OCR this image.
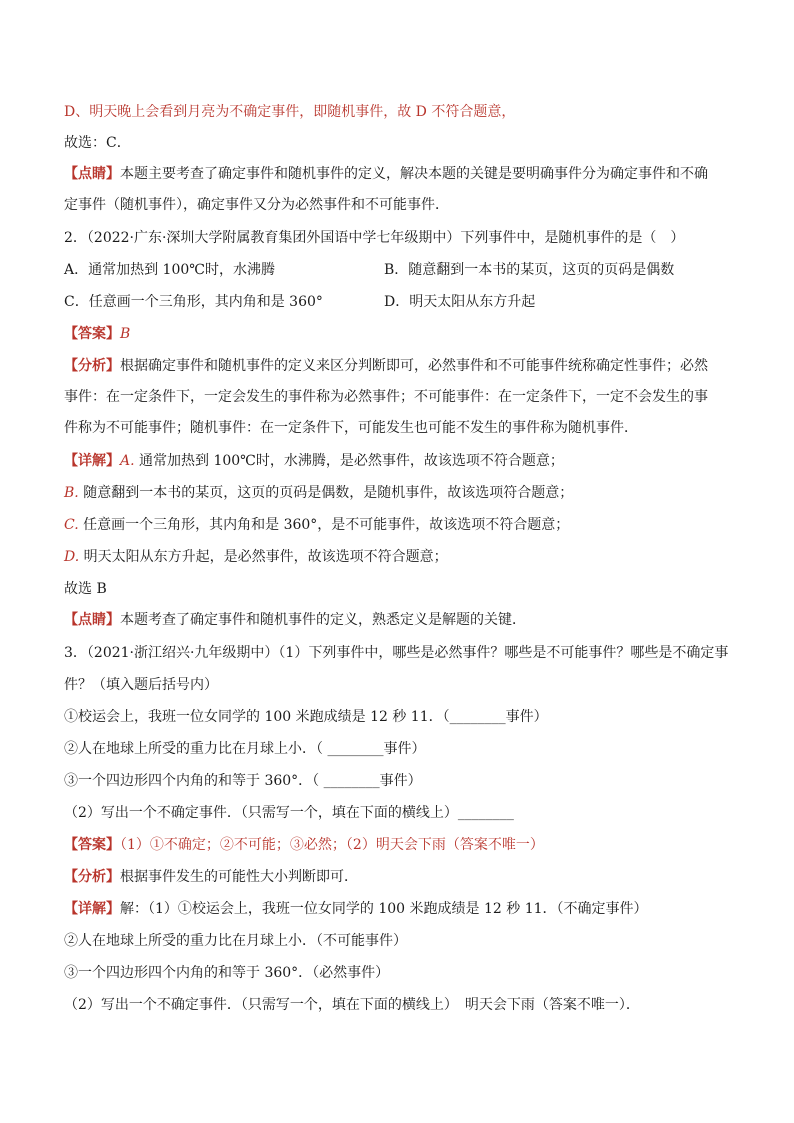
D、明天晚上会看到月亮为不确定事件，即随机事件，故 D 不符合题意，
故选：C．
【点睛】本题主要考查了确定事件和随机事件的定义，解决本题的关键是要明确事件分为确定事件和不确
定事件（随机事件），确定事件又分为必然事件和不可能事件．
2．（2022·广东·深圳大学附属教育集团外国语中学七年级期中）下列事件中，是随机事件的是（　）
A．通常加热到 100℃时，水沸腾	B．随意翻到一本书的某页，这页的页码是偶数
C．任意画一个三角形，其内角和是 360°	D．明天太阳从东方升起
【答案】B
【分析】根据确定事件和随机事件的定义来区分判断即可，必然事件和不可能事件统称确定性事件；必然
事件：在一定条件下，一定会发生的事件称为必然事件；不可能事件：在一定条件下，一定不会发生的事
件称为不可能事件；随机事件：在一定条件下，可能发生也可能不发生的事件称为随机事件．
【详解】A. 通常加热到 100℃时，水沸腾，是必然事件，故该选项不符合题意；
B. 随意翻到一本书的某页，这页的页码是偶数，是随机事件，故该选项符合题意；
C. 任意画一个三角形，其内角和是 360°，是不可能事件，故该选项不符合题意；
D. 明天太阳从东方升起，是必然事件，故该选项不符合题意；
故选 B
【点睛】本题考查了确定事件和随机事件的定义，熟悉定义是解题的关键．
3．（2021·浙江绍兴·九年级期中）（1）下列事件中，哪些是必然事件？哪些是不可能事件？哪些是不确定事
件？（填入题后括号内）
①校运会上，我班一位女同学的 100 米跑成绩是 12 秒 11．（________事件）
②人在地球上所受的重力比在月球上小．（ ________事件）
③一个四边形四个内角的和等于 360°．（ ________事件）
（2）写出一个不确定事件．（只需写一个，填在下面的横线上）________
【答案】（1）①不确定；②不可能；③必然；（2）明天会下雨（答案不唯一）
【分析】根据事件发生的可能性大小判断即可．
【详解】解：（1）①校运会上，我班一位女同学的 100 米跑成绩是 12 秒 11．（不确定事件）
②人在地球上所受的重力比在月球上小．（不可能事件）
③一个四边形四个内角的和等于 360°．（必然事件）
（2）写出一个不确定事件．（只需写一个，填在下面的横线上）　明天会下雨（答案不唯一）．
